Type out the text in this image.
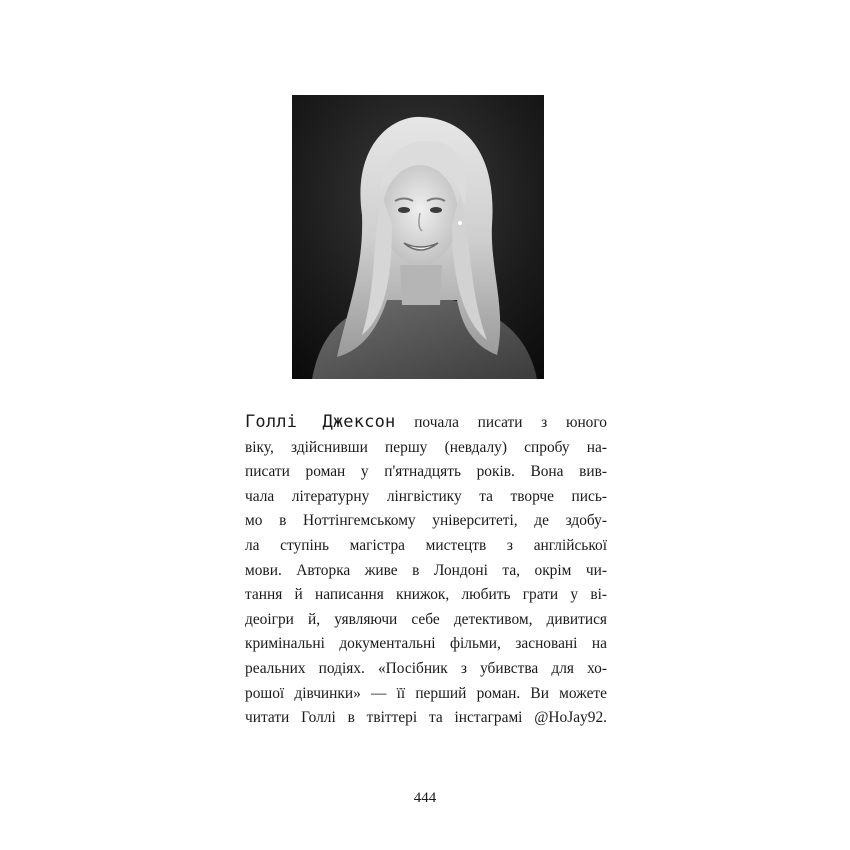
Голлі Джексон почала писати з юного
віку, здійснивши першу (невдалу) спробу на-
писати роман у п'ятнадцять років. Вона вив-
чала літературну лінгвістику та творче пись-
мо в Ноттінгемському університеті, де здобу-
ла ступінь магістра мистецтв з англійської
мови. Авторка живе в Лондоні та, окрім чи-
тання й написання книжок, любить грати у ві-
деоігри й, уявляючи себе детективом, дивитися
кримінальні документальні фільми, засновані на
реальних подіях. «Посібник з убивства для хо-
рошої дівчинки» — її перший роман. Ви можете
читати Голлі в твіттері та інстаграмі @HoJay92.
444
